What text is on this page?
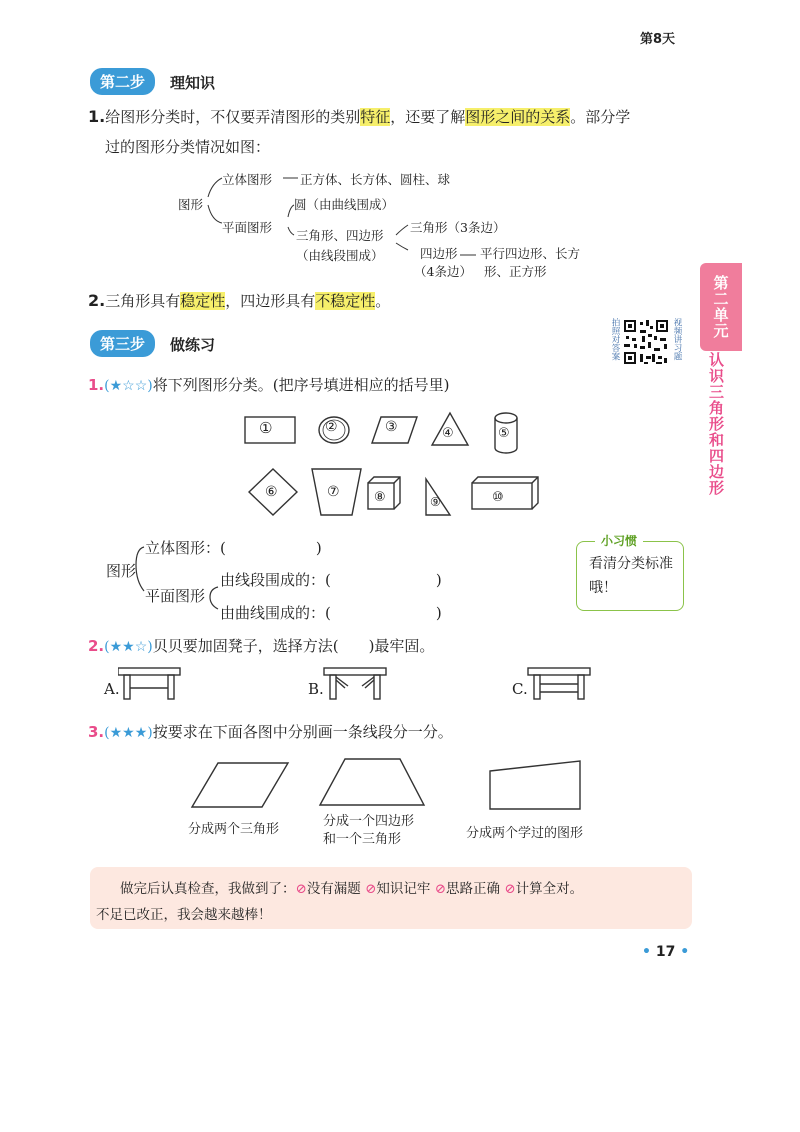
第8天
第二步	理知识
1.给图形分类时，不仅要弄清图形的类别特征，还要了解图形之间的关系。部分学
过的图形分类情况如图：
立体图形 正方体、长方体、圆柱、球
图形
平面图形
圆（由曲线围成）
三角形、四边形
（由线段围成）
三角形（3条边）
四边形
（4条边）
平行四边形、长方
形、正方形
2.三角形具有稳定性，四边形具有不稳定性。
第三步	做练习	拍照对答案	视频讲习题
第二单元
认识三角形和四边形
1.(★☆☆)将下列图形分类。(把序号填进相应的括号里)
①	②	③	④	⑤
⑥	⑦	⑧	⑨	⑩
图形
立体图形：(　　　　　　)
平面图形
由线段围成的：(　　　　　　　)
由曲线围成的：(　　　　　　　)
小习惯
看清分类标准哦！
2.(★★☆)贝贝要加固凳子，选择方法(　　)最牢固。
A.	B.	C.
3.(★★★)按要求在下面各图中分别画一条线段分一分。
分成两个三角形
分成一个四边形
和一个三角形	分成两个学过的图形
做完后认真检查，我做到了：⊘没有漏题 ⊘知识记牢 ⊘思路正确 ⊘计算全对。
不足已改正，我会越来越棒！
• 17 •
